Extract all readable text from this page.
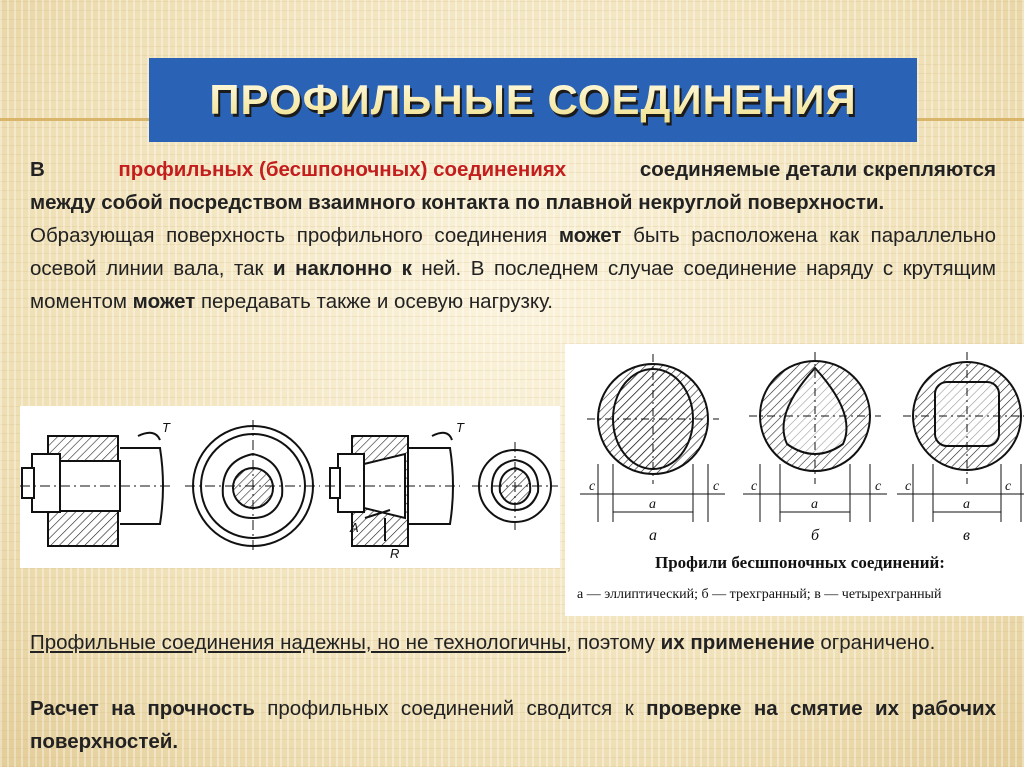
ПРОФИЛЬНЫЕ СОЕДИНЕНИЯ
В	профильных (бесшпоночных) соединениях	соединяемые детали скрепляются
между собой посредством взаимного контакта по плавной некруглой поверхности.
Образующая поверхность профильного соединения может быть расположена как параллельно осевой линии вала, так и наклонно к ней. В последнем случае соединение наряду с крутящим моментом может передавать также и осевую нагрузку.
T	T
A
R
c	c
a
c	c
a
c	c
a
а	б	в
Профили бесшпоночных соединений:
а — эллиптический; б — трехгранный; в — четырехгранный
Профильные соединения надежны, но не технологичны, поэтому их применение ограничено.
Расчет на прочность профильных соединений сводится к проверке на смятие их рабочих поверхностей.
